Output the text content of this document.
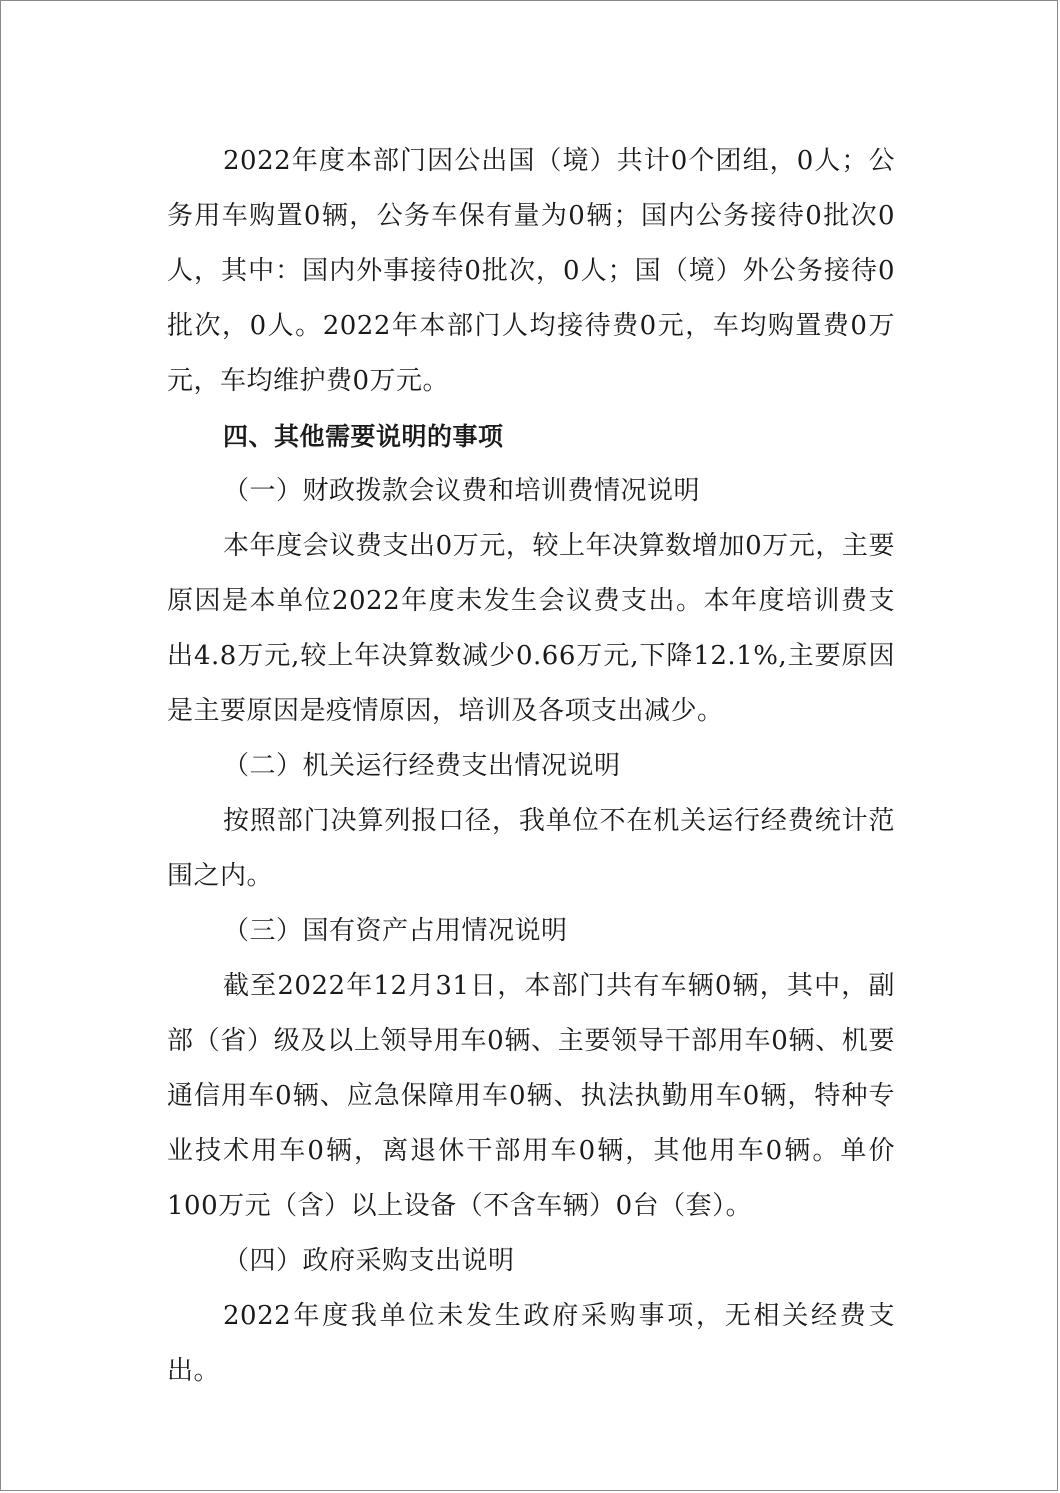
2022年度本部门因公出国（境）共计0个团组，0人；公务用车购置0辆，公务车保有量为0辆；国内公务接待0批次0人，其中：国内外事接待0批次，0人；国（境）外公务接待0批次，0人。2022年本部门人均接待费0元，车均购置费0万元，车均维护费0万元。

四、其他需要说明的事项

（一）财政拨款会议费和培训费情况说明

本年度会议费支出0万元，较上年决算数增加0万元，主要原因是本单位2022年度未发生会议费支出。本年度培训费支出4.8万元,较上年决算数减少0.66万元,下降12.1%,主要原因是主要原因是疫情原因，培训及各项支出减少。

（二）机关运行经费支出情况说明

按照部门决算列报口径，我单位不在机关运行经费统计范围之内。

（三）国有资产占用情况说明

截至2022年12月31日，本部门共有车辆0辆，其中，副部（省）级及以上领导用车0辆、主要领导干部用车0辆、机要通信用车0辆、应急保障用车0辆、执法执勤用车0辆，特种专业技术用车0辆，离退休干部用车0辆，其他用车0辆。单价100万元（含）以上设备（不含车辆）0台（套）。

（四）政府采购支出说明

2022年度我单位未发生政府采购事项，无相关经费支出。
